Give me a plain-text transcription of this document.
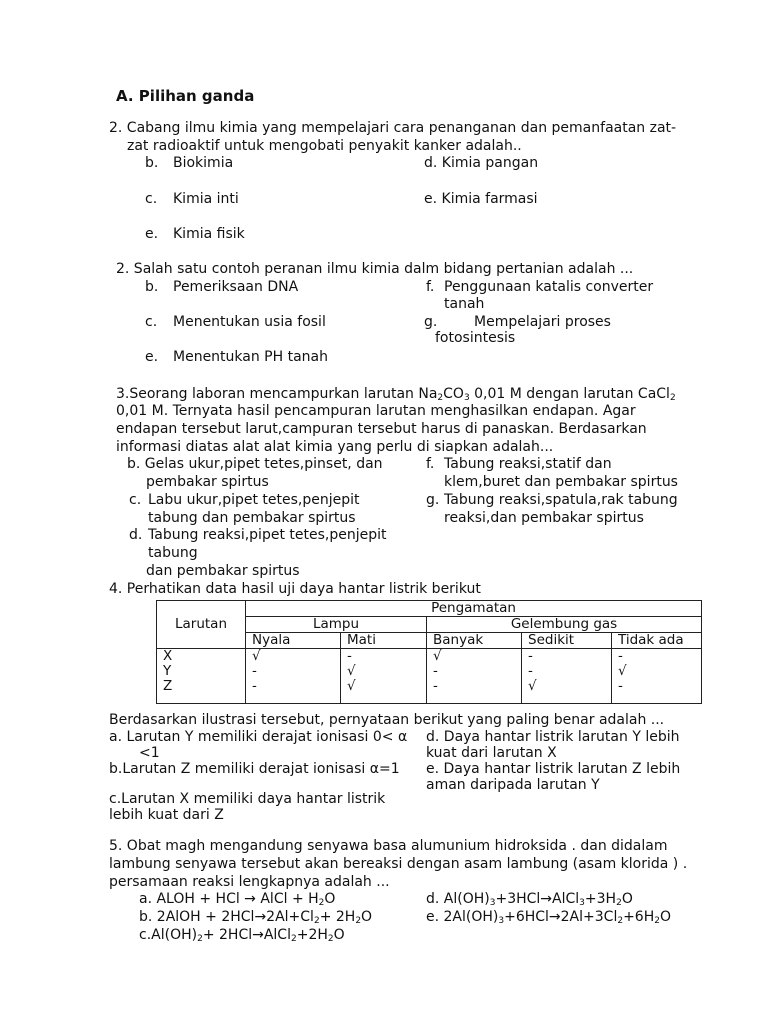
A. Pilihan ganda
2. Cabang ilmu kimia yang mempelajari cara penanganan dan pemanfaatan zat-
zat radioaktif untuk mengobati penyakit kanker adalah..
b. Biokimia	d. Kimia pangan
c. Kimia inti	e. Kimia farmasi
e. Kimia fisik
2. Salah satu contoh peranan ilmu kimia dalm bidang pertanian adalah ...
b. Pemeriksaan DNA	f. Penggunaan katalis converter
tanah
c. Menentukan usia fosil	g.	Mempelajari proses
fotosintesis
e. Menentukan PH tanah
3.Seorang laboran mencampurkan larutan $Na_2CO_3$ 0,01 M dengan larutan CaCl$_2$
0,01 M. Ternyata hasil pencampuran larutan menghasilkan endapan. Agar
endapan tersebut larut,campuran tersebut harus di panaskan. Berdasarkan
informasi diatas alat alat kimia yang perlu di siapkan adalah...
b. Gelas ukur,pipet tetes,pinset, dan
pembakar spirtus
f. Tabung reaksi,statif dan
klem,buret dan pembakar spirtus
c. Labu ukur,pipet tetes,penjepit
tabung dan pembakar spirtus
g. Tabung reaksi,spatula,rak tabung
reaksi,dan pembakar spirtus
d. Tabung reaksi,pipet tetes,penjepit
tabung
dan pembakar spirtus
4. Perhatikan data hasil uji daya hantar listrik berikut
Larutan	Pengamatan				
	Lampu		Gelembung gas		
	Nyala	Mati	Banyak	Sedikit	Tidak ada
X	√	-	√	-	-
Y	-	√	-	-	√
Z	-	√	-	√	-
Berdasarkan ilustrasi tersebut, pernyataan berikut yang paling benar adalah ...
a. Larutan Y memiliki derajat ionisasi 0< α
<1
d. Daya hantar listrik larutan Y lebih
kuat dari larutan X
b.Larutan Z memiliki derajat ionisasi α=1 e. Daya hantar listrik larutan Z lebih
aman daripada larutan Y
c.Larutan X memiliki daya hantar listrik
lebih kuat dari Z
5. Obat magh mengandung senyawa basa alumunium hidroksida . dan didalam
lambung senyawa tersebut akan bereaksi dengan asam lambung (asam klorida ) .
persamaan reaksi lengkapnya adalah ...
a. ALOH + HCl → AlCl + $H_2O$	d. $Al(OH)_3+3HCl\to AlCl_3+3H_2O$
b. 2AlOH + $2HCl\to 2Al+Cl_2+ 2H_2O$	e. $2Al(OH)_3+6HCl\to 2Al+3Cl_2+6H_2O$
$c.Al(OH)_2+$ $2HCl\to AlCl_2+2H_2O$
